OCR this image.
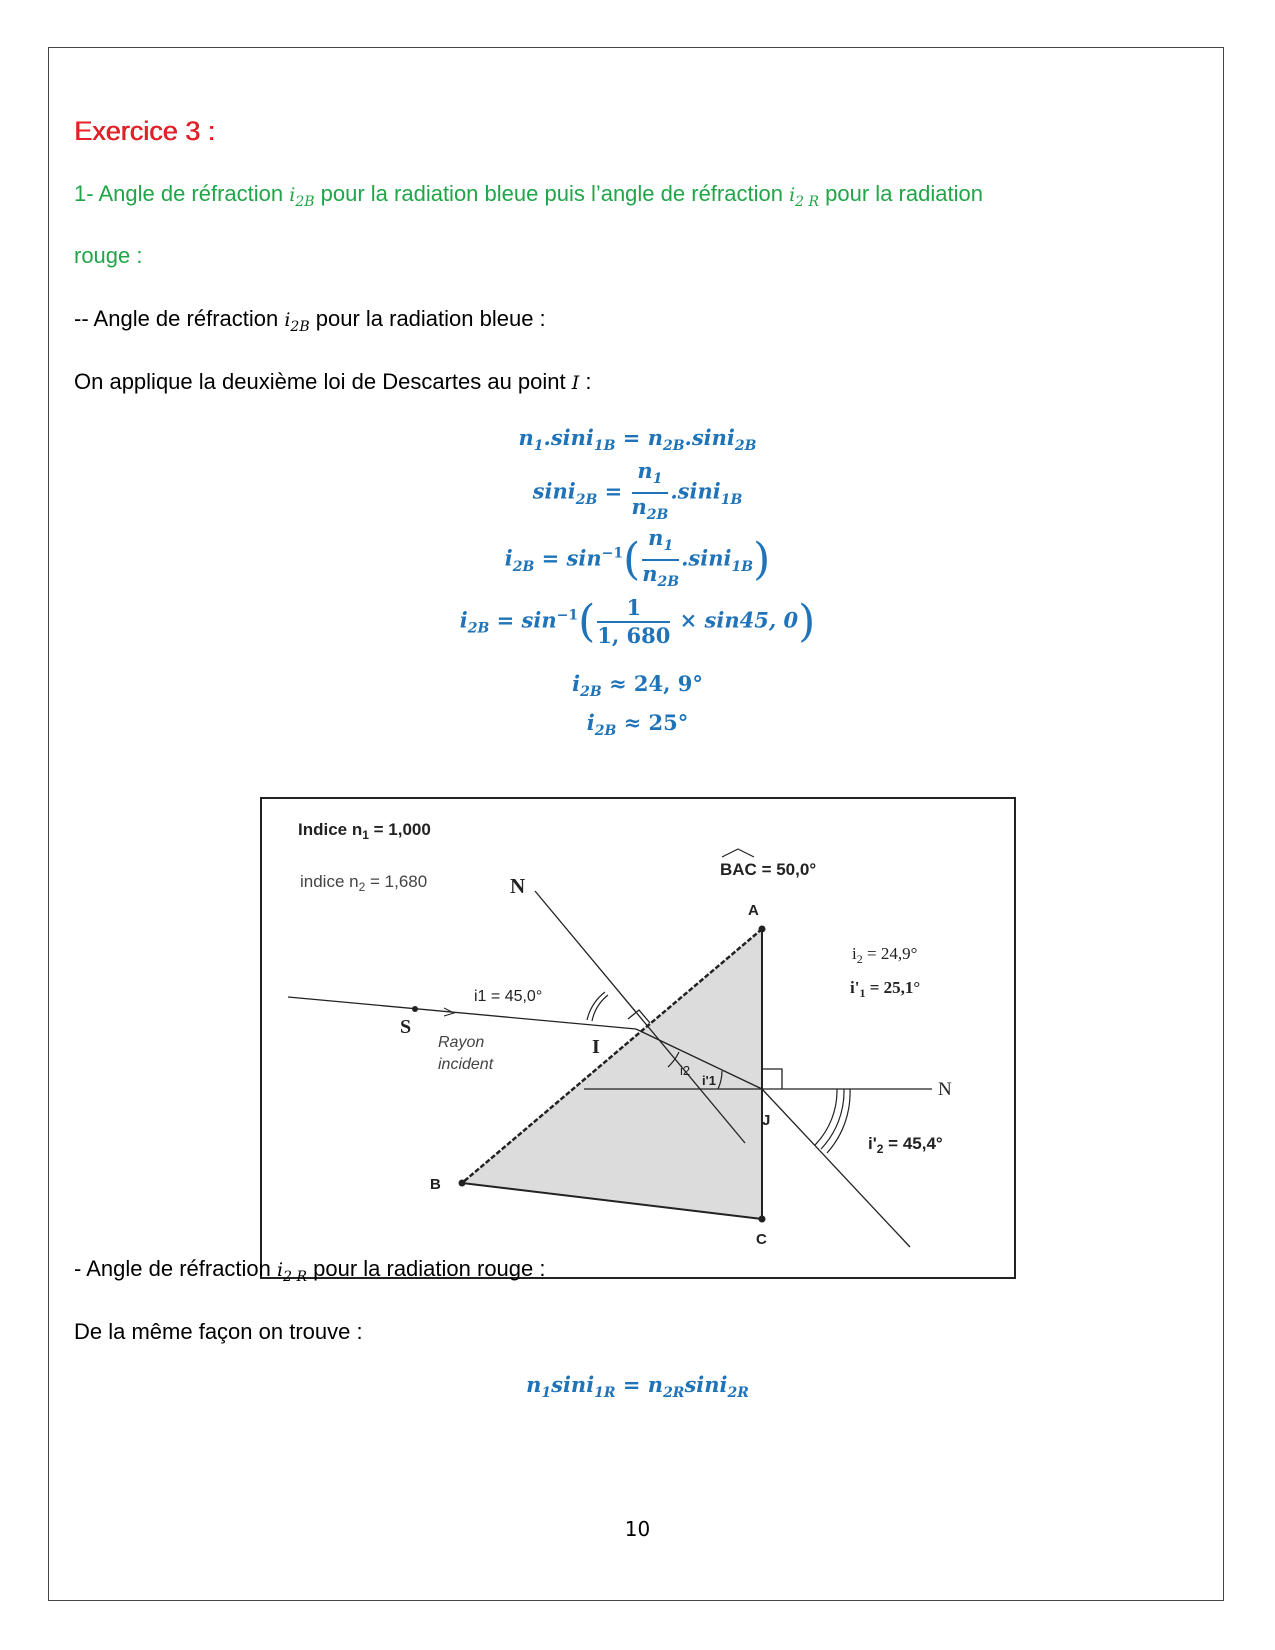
Exercice 3 :
1- Angle de réfraction $i_{2B}$ pour la radiation bleue puis l’angle de réfraction $i_{2 R}$ pour la radiation
rouge :
-- Angle de réfraction $i_{2B}$ pour la radiation bleue :
On applique la deuxième loi de Descartes au point I :
$n_1.\sin i_{1B} = n_{2B}.\sin i_{2B}$
$\sin i_{2B} = \frac{n_1}{n_{2B}} .\sin i_{1B}$
$i_{2B} = \sin^{-1}( \frac{n_1}{n_{2B}} .\sin i_{1B})$
$i_{2B} = \sin^{-1}( \frac{1}{1, 680} \times \sin 45$, 0)
$i_{2B} \approx 24$, 9°
$i_{2B} \approx 25^\circ$
Indice $n_1 = 1,000$
indice $n_2 = 1,680$
BAC = 50,0°
N
N
A
B
C
I
J
S
Rayon
incident
i1 = 45,0°
i2
i'1
$i_2 = 24,9^\circ$
$i'_1 = 25,1^\circ$
$i'_2 = 45,4^\circ$
- Angle de réfraction $i_{2 R}$ pour la radiation rouge :
De la même façon on trouve :
$n_1\sin i_{1R} = n_{2R}\sin i_{2R}$
10
